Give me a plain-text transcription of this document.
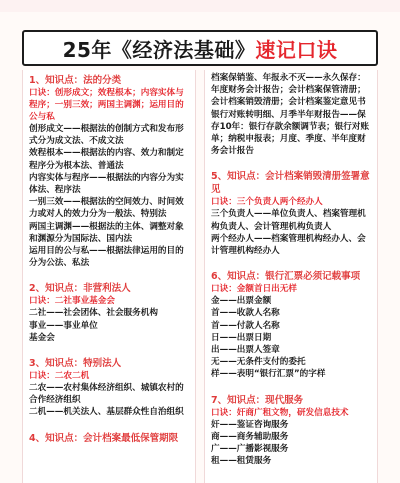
25年《经济法基础》 速记口诀
1、知识点：法的分类
口诀：创形成文；效程根本；内容实体与程序；一别三效；两国主调渊；运用目的公与私
创形成文——根据法的创制方式和发布形式分为成文法、不成文法
效程根本——根据法的内容、效力和制定程序分为根本法、普通法
内容实体与程序——根据法的内容分为实体法、程序法
一别三效——根据法的空间效力、时间效力或对人的效力分为一般法、特别法
两国主调渊——根据法的主体、调整对象和渊源分为国际法、国内法
运用目的公与私——根据法律运用的目的分为公法、私法
2、知识点：非营利法人
口诀：二社事业基金会
二社——社会团体、社会服务机构
事业——事业单位
基金会
3、知识点：特别法人
口诀：二农二机
二农——农村集体经济组织、城镇农村的合作经济组织
二机——机关法人、基层群众性自治组织
4、知识点：会计档案最低保管期限
档案保销鉴、年报永不灭——永久保存：年度财务会计报告；会计档案保管清册；会计档案销毁清册；会计档案鉴定意见书
银行对账转明细、月季半年财报告——保存10年：银行存款余额调节表；银行对账单；纳税申报表；月度、季度、半年度财务会计报告
5、知识点：会计档案销毁清册签署意见
口诀：三个负责人两个经办人
三个负责人——单位负责人、档案管理机构负责人、会计管理机构负责人
两个经办人——档案管理机构经办人、会计管理机构经办人
6、知识点：银行汇票必须记载事项
口诀：金额首日出无样
金——出票金额
首——收款人名称
首——付款人名称
日——出票日期
出——出票人签章
无——无条件支付的委托
样——表明“银行汇票”的字样
7、知识点：现代服务
口诀：奸商广租文物，研发信息技术
奸——鉴证咨询服务
商——商务辅助服务
广——广播影视服务
租——租赁服务
